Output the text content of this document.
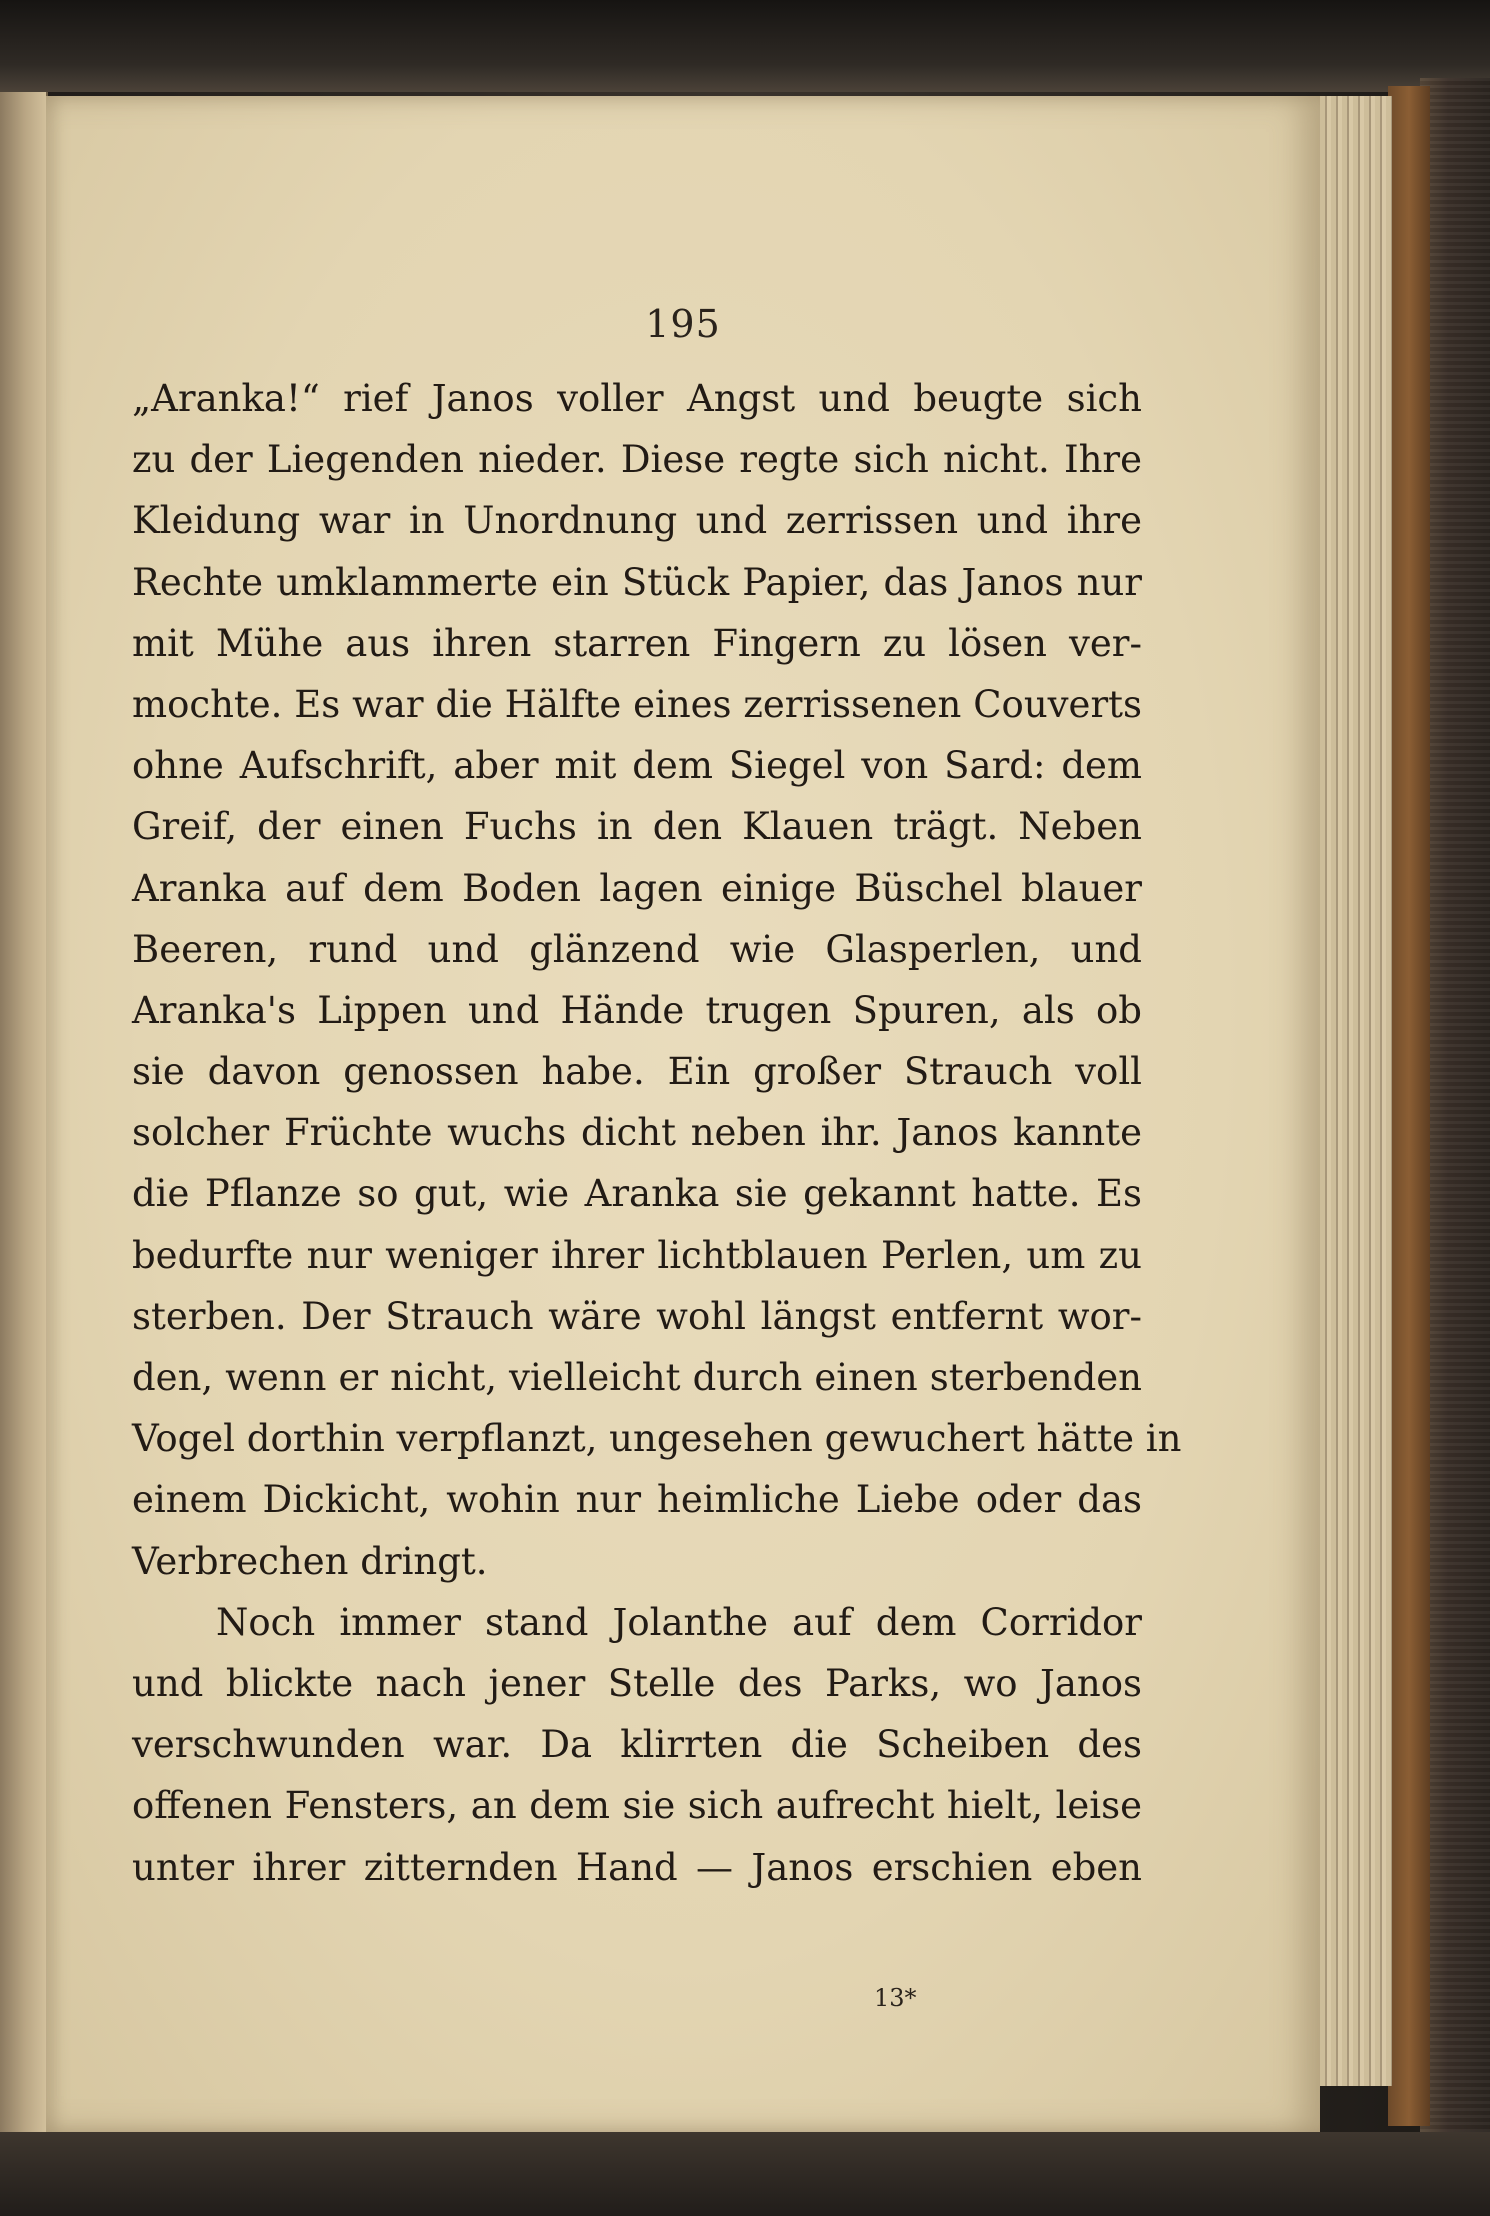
195
„Aranka!“ rief Janos voller Angst und beugte sich
zu der Liegenden nieder. Diese regte sich nicht. Ihre
Kleidung war in Unordnung und zerrissen und ihre
Rechte umklammerte ein Stück Papier, das Janos nur
mit Mühe aus ihren starren Fingern zu lösen ver-
mochte. Es war die Hälfte eines zerrissenen Couverts
ohne Aufschrift, aber mit dem Siegel von Sard: dem
Greif, der einen Fuchs in den Klauen trägt. Neben
Aranka auf dem Boden lagen einige Büschel blauer
Beeren, rund und glänzend wie Glasperlen, und
Aranka's Lippen und Hände trugen Spuren, als ob
sie davon genossen habe. Ein großer Strauch voll
solcher Früchte wuchs dicht neben ihr. Janos kannte
die Pflanze so gut, wie Aranka sie gekannt hatte. Es
bedurfte nur weniger ihrer lichtblauen Perlen, um zu
sterben. Der Strauch wäre wohl längst entfernt wor-
den, wenn er nicht, vielleicht durch einen sterbenden
Vogel dorthin verpflanzt, ungesehen gewuchert hätte in
einem Dickicht, wohin nur heimliche Liebe oder das
Verbrechen dringt.
Noch immer stand Jolanthe auf dem Corridor
und blickte nach jener Stelle des Parks, wo Janos
verschwunden war. Da klirrten die Scheiben des
offenen Fensters, an dem sie sich aufrecht hielt, leise
unter ihrer zitternden Hand — Janos erschien eben
13*
